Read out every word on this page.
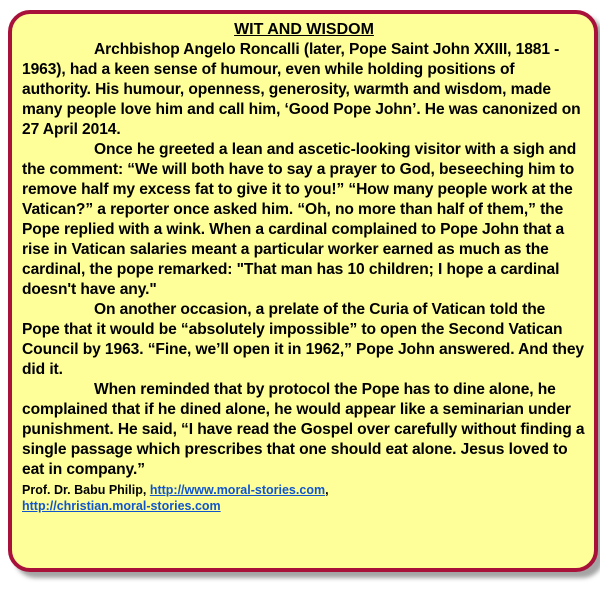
WIT AND WISDOM

Archbishop Angelo Roncalli (later, Pope Saint John XXIII, 1881 - 1963), had a keen sense of humour, even while holding positions of authority. His humour, openness, generosity, warmth and wisdom, made many people love him and call him, ‘Good Pope John’. He was canonized on 27 April 2014.

Once he greeted a lean and ascetic-looking visitor with a sigh and the comment: “We will both have to say a prayer to God, beseeching him to remove half my excess fat to give it to you!” “How many people work at the Vatican?” a reporter once asked him. “Oh, no more than half of them,” the Pope replied with a wink. When a cardinal complained to Pope John that a rise in Vatican salaries meant a particular worker earned as much as the cardinal, the pope remarked: "That man has 10 children; I hope a cardinal doesn't have any."

On another occasion, a prelate of the Curia of Vatican told the Pope that it would be “absolutely impossible” to open the Second Vatican Council by 1963. “Fine, we’ll open it in 1962,” Pope John answered. And they did it.

When reminded that by protocol the Pope has to dine alone, he complained that if he dined alone, he would appear like a seminarian under punishment. He said, “I have read the Gospel over carefully without finding a single passage which prescribes that one should eat alone. Jesus loved to eat in company.”

Prof. Dr. Babu Philip, http://www.moral-stories.com,
http://christian.moral-stories.com
